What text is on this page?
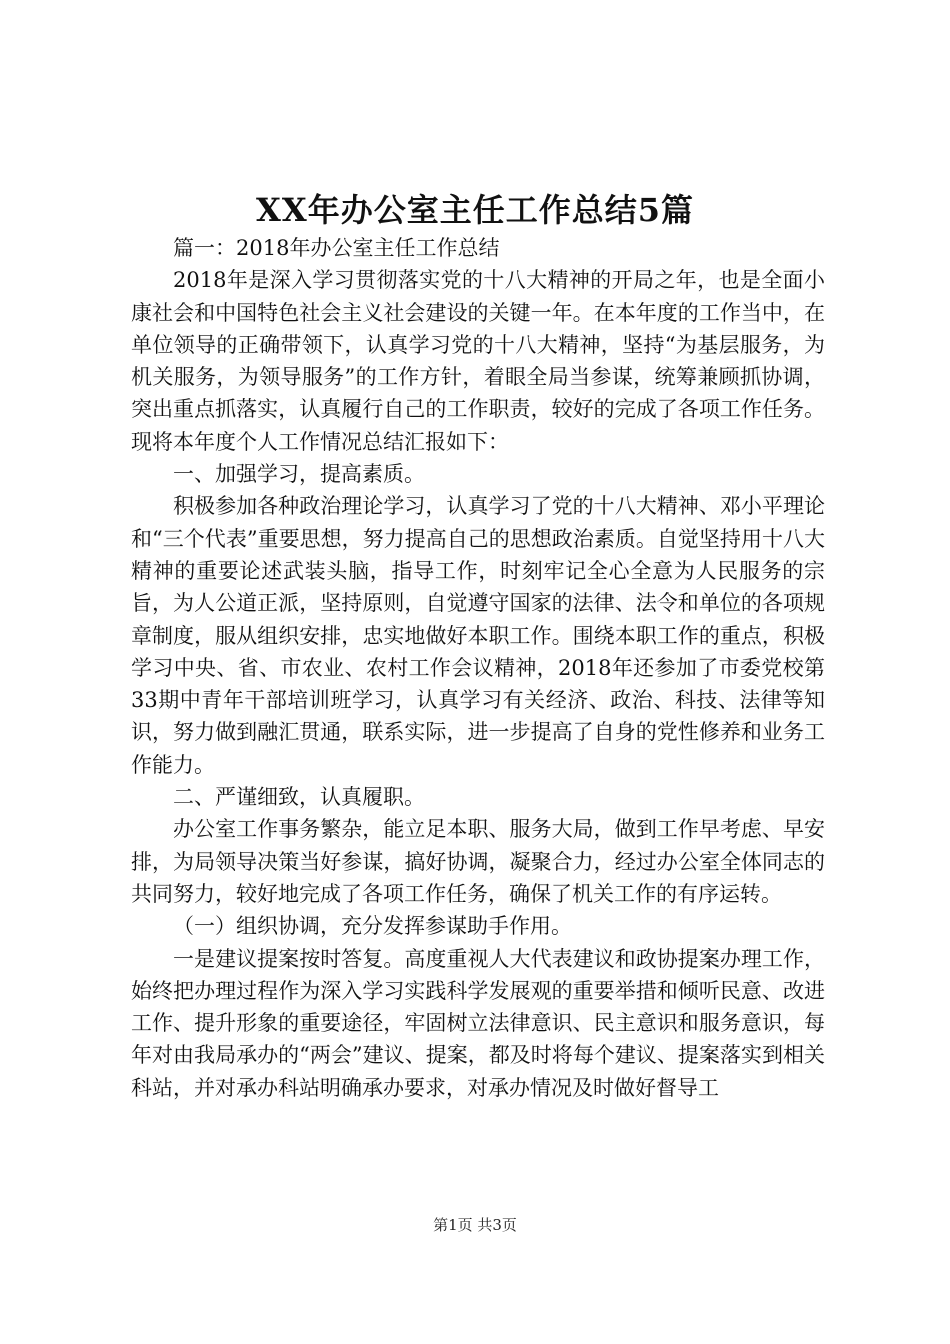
XX年办公室主任工作总结5篇

篇一：2018年办公室主任工作总结

2018年是深入学习贯彻落实党的十八大精神的开局之年，也是全面小康社会和中国特色社会主义社会建设的关键一年。在本年度的工作当中，在单位领导的正确带领下，认真学习党的十八大精神，坚持“为基层服务，为机关服务，为领导服务”的工作方针，着眼全局当参谋，统筹兼顾抓协调，突出重点抓落实，认真履行自己的工作职责，较好的完成了各项工作任务。现将本年度个人工作情况总结汇报如下：

一、加强学习，提高素质。

积极参加各种政治理论学习，认真学习了党的十八大精神、邓小平理论和“三个代表”重要思想，努力提高自己的思想政治素质。自觉坚持用十八大精神的重要论述武装头脑，指导工作，时刻牢记全心全意为人民服务的宗旨，为人公道正派，坚持原则，自觉遵守国家的法律、法令和单位的各项规章制度，服从组织安排，忠实地做好本职工作。围绕本职工作的重点，积极学习中央、省、市农业、农村工作会议精神，2018年还参加了市委党校第33期中青年干部培训班学习，认真学习有关经济、政治、科技、法律等知识，努力做到融汇贯通，联系实际，进一步提高了自身的党性修养和业务工作能力。

二、严谨细致，认真履职。

办公室工作事务繁杂，能立足本职、服务大局，做到工作早考虑、早安排，为局领导决策当好参谋，搞好协调，凝聚合力，经过办公室全体同志的共同努力，较好地完成了各项工作任务，确保了机关工作的有序运转。

（一）组织协调，充分发挥参谋助手作用。

一是建议提案按时答复。高度重视人大代表建议和政协提案办理工作，始终把办理过程作为深入学习实践科学发展观的重要举措和倾听民意、改进工作、提升形象的重要途径，牢固树立法律意识、民主意识和服务意识，每年对由我局承办的“两会”建议、提案，都及时将每个建议、提案落实到相关科站，并对承办科站明确承办要求，对承办情况及时做好督导工

第1页 共3页
